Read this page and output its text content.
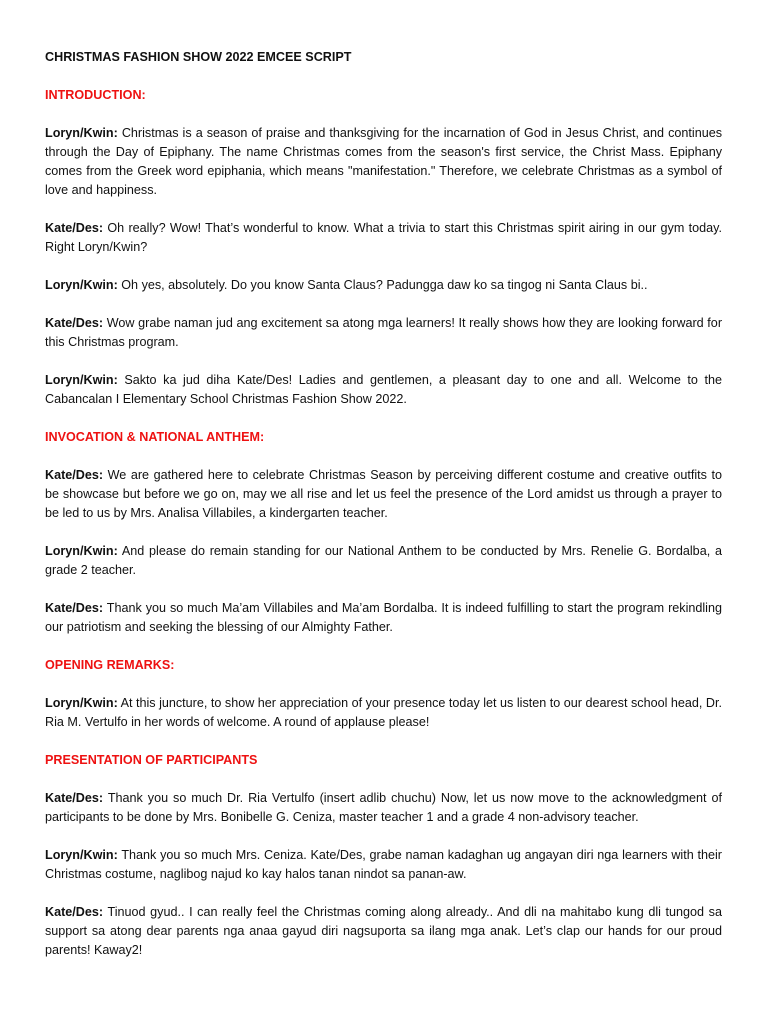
CHRISTMAS FASHION SHOW 2022 EMCEE SCRIPT
INTRODUCTION:

Loryn/Kwin: Christmas is a season of praise and thanksgiving for the incarnation of God in Jesus Christ, and continues through the Day of Epiphany. The name Christmas comes from the season's first service, the Christ Mass. Epiphany comes from the Greek word epiphania, which means "manifestation." Therefore, we celebrate Christmas as a symbol of love and happiness.

Kate/Des: Oh really? Wow! That’s wonderful to know. What a trivia to start this Christmas spirit airing in our gym today. Right Loryn/Kwin?

Loryn/Kwin: Oh yes, absolutely. Do you know Santa Claus? Padungga daw ko sa tingog ni Santa Claus bi..

Kate/Des: Wow grabe naman jud ang excitement sa atong mga learners! It really shows how they are looking forward for this Christmas program.

Loryn/Kwin: Sakto ka jud diha Kate/Des! Ladies and gentlemen, a pleasant day to one and all. Welcome to the Cabancalan I Elementary School Christmas Fashion Show 2022.

INVOCATION & NATIONAL ANTHEM:

Kate/Des: We are gathered here to celebrate Christmas Season by perceiving different costume and creative outfits to be showcase but before we go on, may we all rise and let us feel the presence of the Lord amidst us through a prayer to be led to us by Mrs. Analisa Villabiles, a kindergarten teacher.

Loryn/Kwin: And please do remain standing for our National Anthem to be conducted by Mrs. Renelie G. Bordalba, a grade 2 teacher.

Kate/Des: Thank you so much Ma’am Villabiles and Ma’am Bordalba. It is indeed fulfilling to start the program rekindling our patriotism and seeking the blessing of our Almighty Father.

OPENING REMARKS:

Loryn/Kwin: At this juncture, to show her appreciation of your presence today let us listen to our dearest school head, Dr. Ria M. Vertulfo in her words of welcome. A round of applause please!

PRESENTATION OF PARTICIPANTS

Kate/Des: Thank you so much Dr. Ria Vertulfo (insert adlib chuchu) Now, let us now move to the acknowledgment of participants to be done by Mrs. Bonibelle G. Ceniza, master teacher 1 and a grade 4 non-advisory teacher.

Loryn/Kwin: Thank you so much Mrs. Ceniza. Kate/Des, grabe naman kadaghan ug angayan diri nga learners with their Christmas costume, naglibog najud ko kay halos tanan nindot sa panan-aw.

Kate/Des: Tinuod gyud.. I can really feel the Christmas coming along already.. And dli na mahitabo kung dli tungod sa support sa atong dear parents nga anaa gayud diri nagsuporta sa ilang mga anak. Let’s clap our hands for our proud parents! Kaway2!
